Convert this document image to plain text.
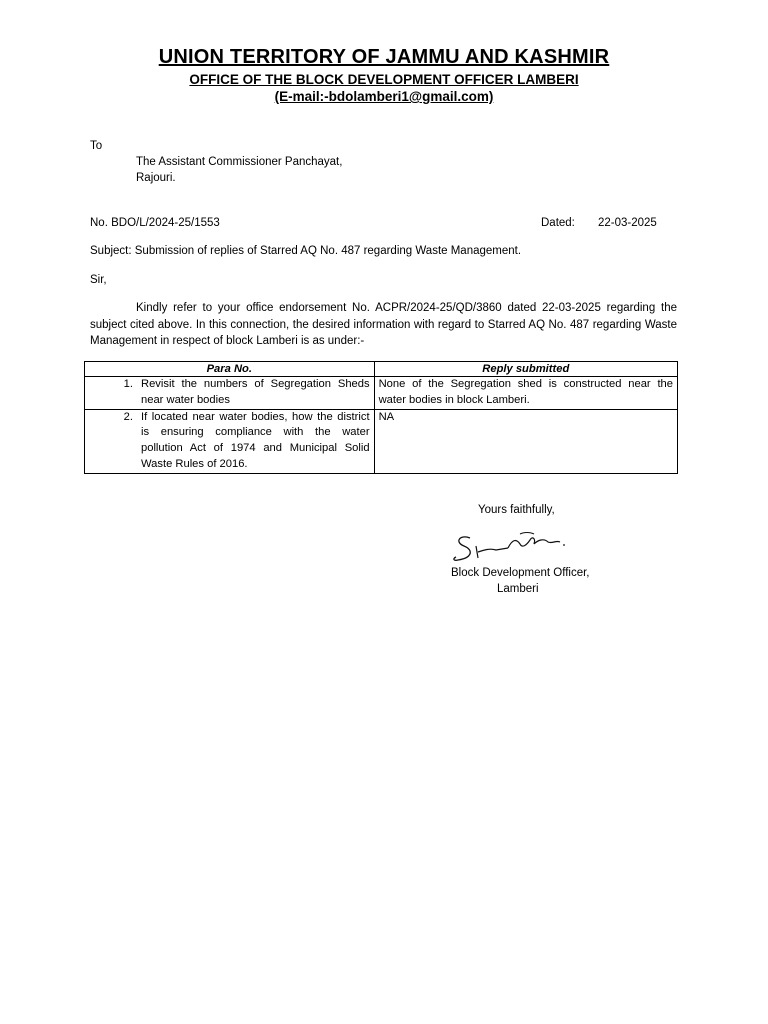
UNION TERRITORY OF JAMMU AND KASHMIR
OFFICE OF THE BLOCK DEVELOPMENT OFFICER LAMBERI
(E-mail:-bdolamberi1@gmail.com)
To
The Assistant Commissioner Panchayat,
Rajouri.
No. BDO/L/2024-25/1553	Dated: 22-03-2025
Subject: Submission of replies of Starred AQ No. 487 regarding Waste Management.
Sir,
Kindly refer to your office endorsement No. ACPR/2024-25/QD/3860 dated 22-03-2025 regarding the subject cited above. In this connection, the desired information with regard to Starred AQ No. 487 regarding Waste Management in respect of block Lamberi is as under:-
Para No.	Reply submitted

1. Revisit the numbers of Segregation Sheds near water bodies	None of the Segregation shed is constructed near the water bodies in block Lamberi.

2. If located near water bodies, how the district is ensuring compliance with the water pollution Act of 1974 and Municipal Solid Waste Rules of 2016.	NA
Yours faithfully,
Block Development Officer,
Lamberi
